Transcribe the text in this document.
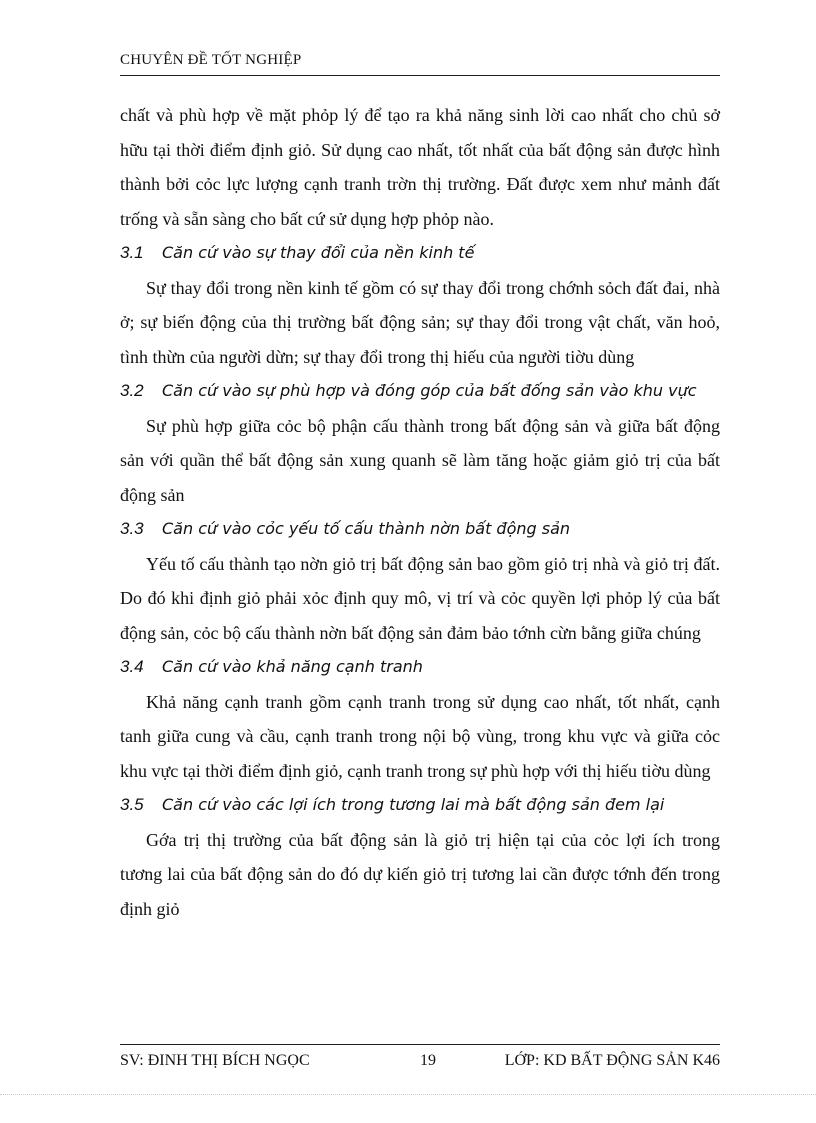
CHUYÊN ĐỀ TỐT NGHIỆP

chất và phù hợp về mặt phỏp lý để tạo ra khả năng sinh lời cao nhất cho chủ sở hữu tại thời điểm định giỏ. Sử dụng cao nhất, tốt nhất của bất động sản được hình thành bởi cỏc lực lượng cạnh tranh trờn thị trường. Đất được xem như mảnh đất trống và sẵn sàng cho bất cứ sử dụng hợp phỏp nào.

3.1	Căn cứ vào sự thay đổi của nền kinh tế

Sự thay đổi trong nền kinh tế gồm có sự thay đổi trong chớnh sỏch đất đai, nhà ở; sự biến động của thị trường bất động sản; sự thay đổi trong vật chất, văn hoỏ, tình thừn của người dừn; sự thay đổi trong thị hiếu của người tiờu dùng

3.2	Căn cứ vào sự phù hợp và đóng góp của bất đống sản vào khu vực

Sự phù hợp giữa cỏc bộ phận cấu thành trong bất động sản và giữa bất động sản với quần thể bất động sản xung quanh sẽ làm tăng hoặc giảm giỏ trị của bất động sản

3.3	Căn cứ vào cỏc yếu tố cấu thành nờn bất động sản

Yếu tố cấu thành tạo nờn giỏ trị bất động sản bao gồm giỏ trị nhà và giỏ trị đất. Do đó khi định giỏ phải xỏc định quy mô, vị trí và cỏc quyền lợi phỏp lý của bất động sản, cỏc bộ cấu thành nờn bất động sản đảm bảo tớnh cừn bằng giữa chúng

3.4	Căn cứ vào khả năng cạnh tranh

Khả năng cạnh tranh gồm cạnh tranh trong sử dụng cao nhất, tốt nhất, cạnh tanh giữa cung và cầu, cạnh tranh trong nội bộ vùng, trong khu vực và giữa cỏc khu vực tại thời điểm định giỏ, cạnh tranh trong sự phù hợp với thị hiếu tiờu dùng

3.5	Căn cứ vào các lợi ích trong tương lai mà bất động sản đem lại

Gớa trị thị trường của bất động sản là giỏ trị hiện tại của cỏc lợi ích trong tương lai của bất động sản do đó dự kiến giỏ trị tương lai cần được tớnh đến trong định giỏ

SV: ĐINH THỊ BÍCH NGỌC	19	LỚP: KD BẤT ĐỘNG SẢN K46
